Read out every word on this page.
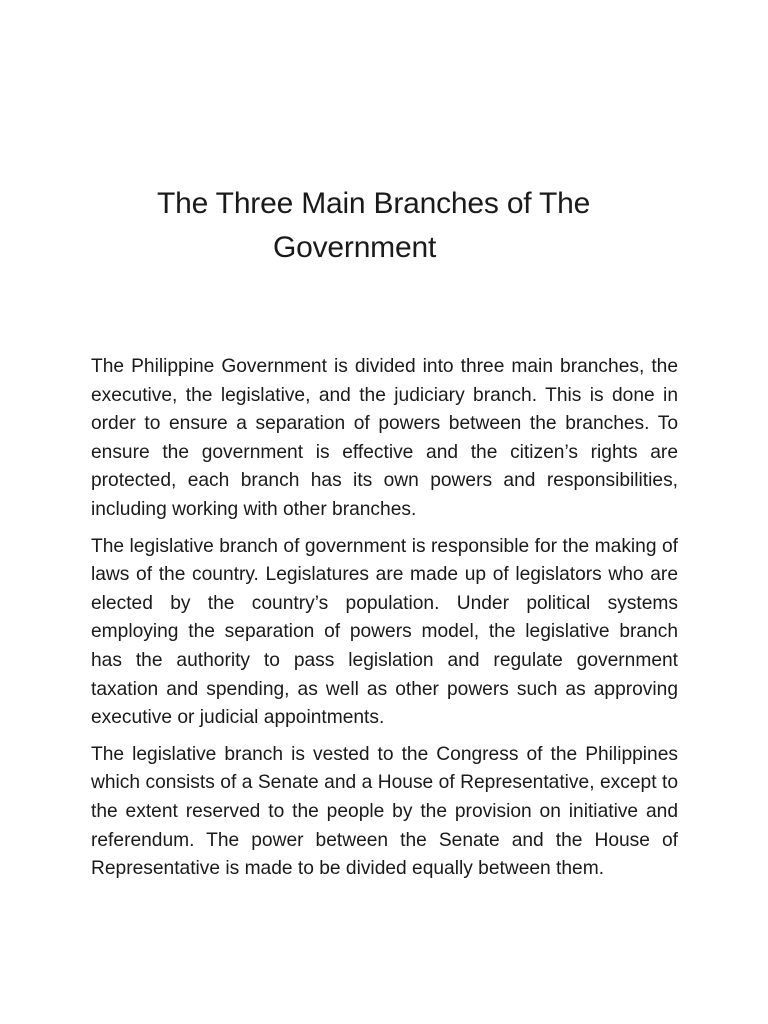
The Three Main Branches of The
Government

The Philippine Government is divided into three main branches, the executive, the legislative, and the judiciary branch. This is done in order to ensure a separation of powers between the branches. To ensure the government is effective and the citizen’s rights are protected, each branch has its own powers and responsibilities, including working with other branches.

The legislative branch of government is responsible for the making of laws of the country. Legislatures are made up of legislators who are elected by the country’s population. Under political systems employing the separation of powers model, the legislative branch has the authority to pass legislation and regulate government taxation and spending, as well as other powers such as approving executive or judicial appointments.

The legislative branch is vested to the Congress of the Philippines which consists of a Senate and a House of Representative, except to the extent reserved to the people by the provision on initiative and referendum. The power between the Senate and the House of Representative is made to be divided equally between them.
